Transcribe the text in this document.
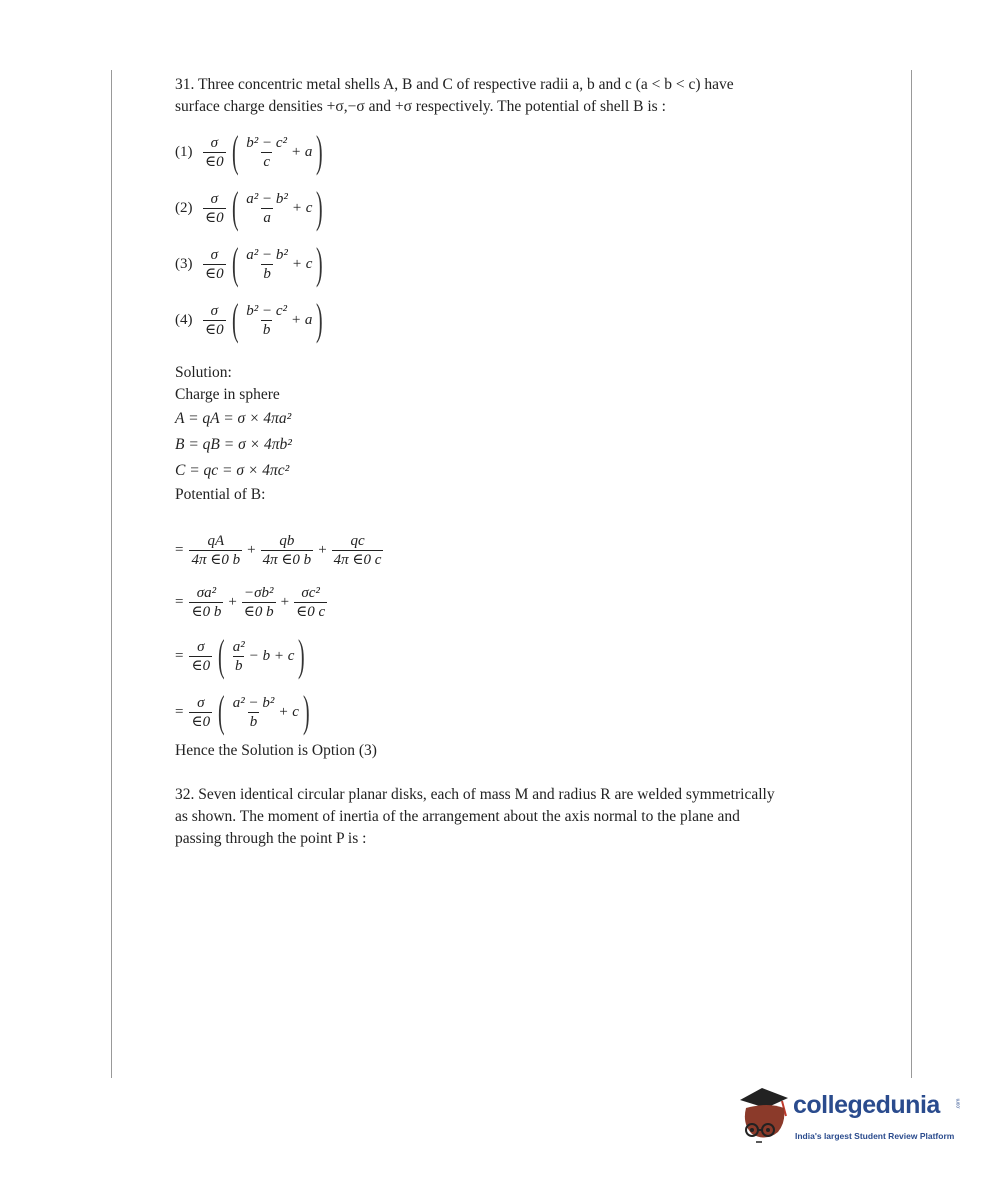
31. Three concentric metal shells A, B and C of respective radii a, b and c (a < b < c) have

surface charge densities +σ,−σ and +σ respectively. The potential of shell B is :

$(1) \frac{\sigma}{\in 0}$ ( $\frac{\text{b² − c²}}{c} + a$ )
$(2) \frac{\sigma}{\in 0}$ ( $\frac{\text{a² − b²}}{a} + c$ )
$(3) \frac{\sigma}{\in 0}$ ( $\frac{\text{a² − b²}}{b} + c$ )
$(4) \frac{\sigma}{\in 0}$ ( $\frac{\text{b² − c²}}{b} + a$ )
Solution:
Charge in sphere
A = qA = σ × 4πa²
B = qB = σ × 4πb²
C = qc = σ × 4πc²
Potential of B:
= $\frac{qA}{4\pi \in 0 b} + \frac{qb}{4\pi \in 0 b} + \frac{qc}{4\pi \in 0 c}$
= $\frac{\text{σa²}}{\in 0 b} + \frac{\text{−σb²}}{\in 0 b} + \frac{\text{σc²}}{\in 0 c}$
= $\frac{\sigma}{\in 0}$ ( $\frac{\text{a²}}{b} - b + c$ )
= $\frac{\sigma}{\in 0}$ ( $\frac{\text{a² − b²}}{b} + c$ )

Hence the Solution is Option (3)

32. Seven identical circular planar disks, each of mass M and radius R are welded symmetrically

as shown. The moment of inertia of the arrangement about the axis normal to the plane and

passing through the point P is :

collegedunia	.com
India's largest Student Review Platform
